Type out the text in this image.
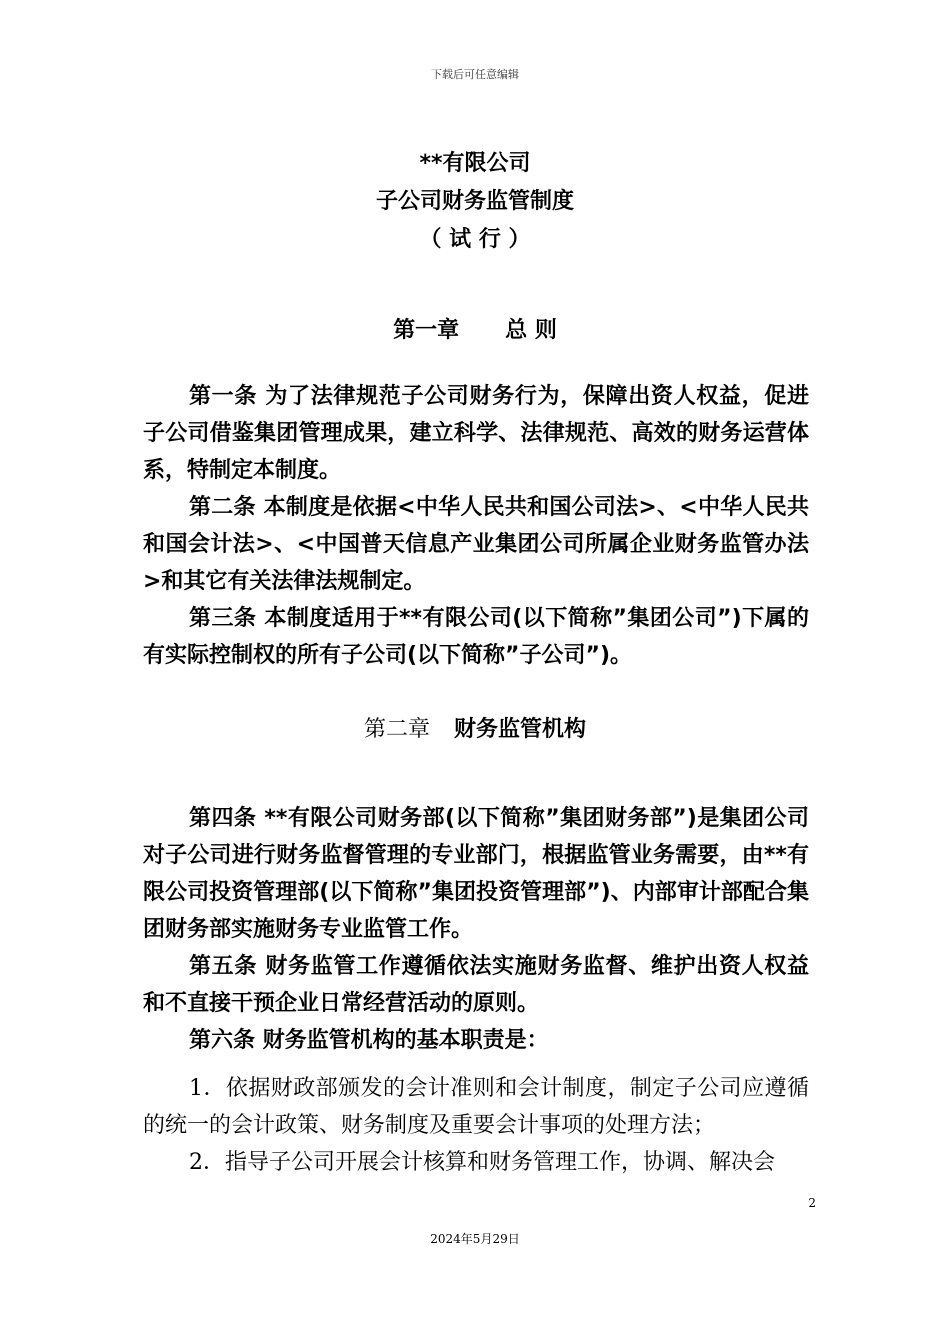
下载后可任意编辑
**有限公司
子公司财务监管制度
（ 试 行 ）
第一章 总 则

第一条 为了法律规范子公司财务行为，保障出资人权益，促进子公司借鉴集团管理成果，建立科学、法律规范、高效的财务运营体系，特制定本制度。

第二条 本制度是依据<中华人民共和国公司法>、<中华人民共和国会计法>、<中国普天信息产业集团公司所属企业财务监管办法>和其它有关法律法规制定。

第三条 本制度适用于**有限公司(以下简称”集团公司”)下属的有实际控制权的所有子公司(以下简称”子公司”)。

第二章 财务监管机构

第四条 **有限公司财务部(以下简称”集团财务部”)是集团公司对子公司进行财务监督管理的专业部门，根据监管业务需要，由**有限公司投资管理部(以下简称”集团投资管理部”)、内部审计部配合集团财务部实施财务专业监管工作。

第五条 财务监管工作遵循依法实施财务监督、维护出资人权益和不直接干预企业日常经营活动的原则。

第六条 财务监管机构的基本职责是：

1．依据财政部颁发的会计准则和会计制度，制定子公司应遵循的统一的会计政策、财务制度及重要会计事项的处理方法；

2．指导子公司开展会计核算和财务管理工作，协调、解决会

2
2024年5月29日
